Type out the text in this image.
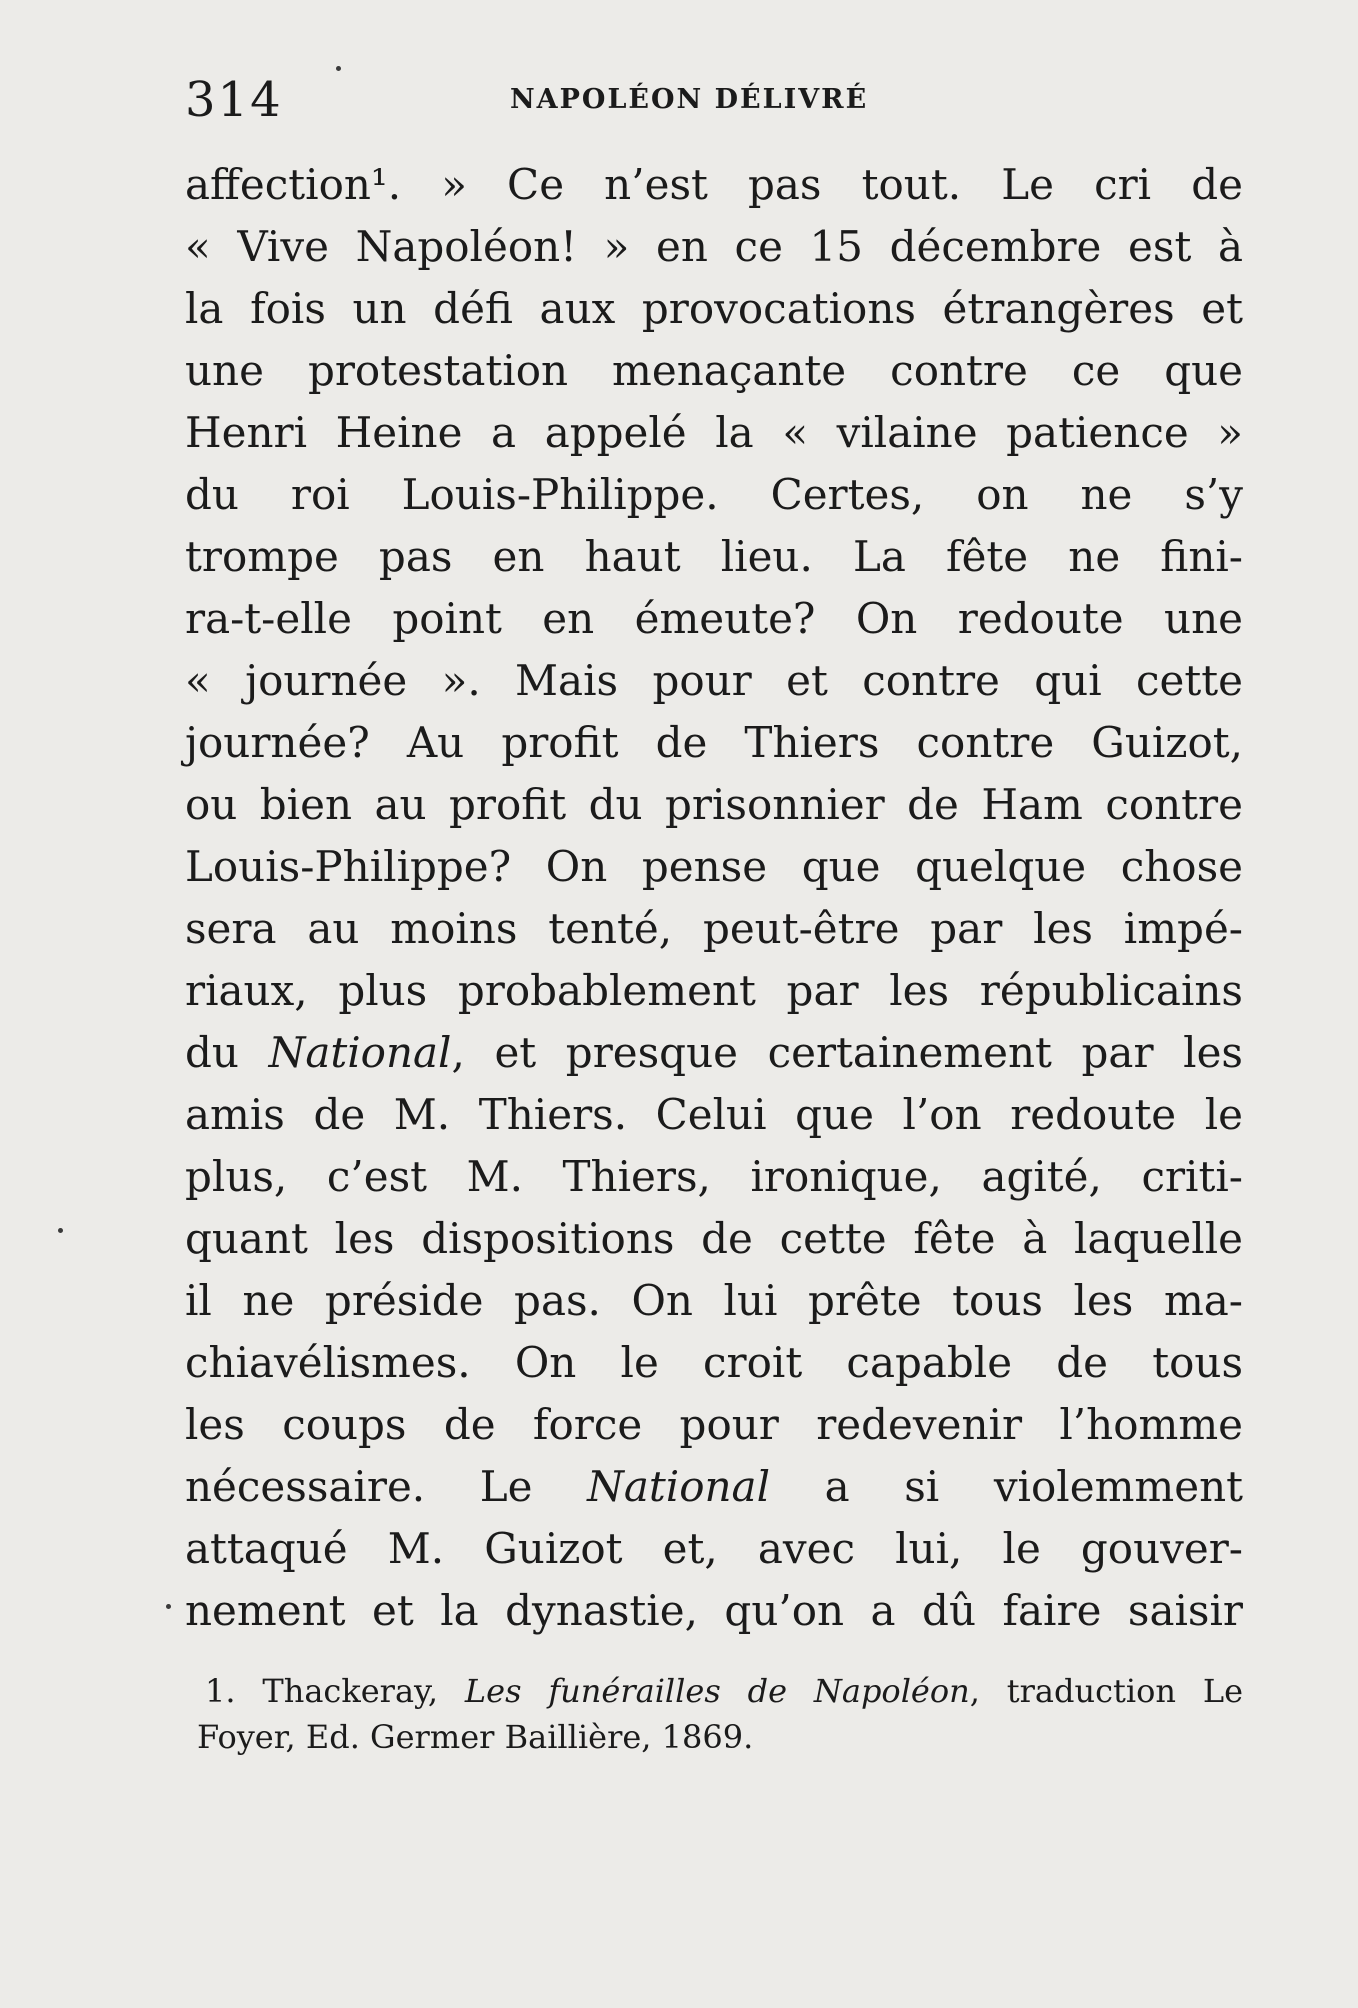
314	NAPOLÉON DÉLIVRÉ
affection¹. » Ce n’est pas tout. Le cri de
« Vive Napoléon! » en ce 15 décembre est à
la fois un défi aux provocations étrangères et
une protestation menaçante contre ce que
Henri Heine a appelé la « vilaine patience »
du roi Louis-Philippe. Certes, on ne s’y
trompe pas en haut lieu. La fête ne fini-
ra-t-elle point en émeute? On redoute une
« journée ». Mais pour et contre qui cette
journée? Au profit de Thiers contre Guizot,
ou bien au profit du prisonnier de Ham contre
Louis-Philippe? On pense que quelque chose
sera au moins tenté, peut-être par les impé-
riaux, plus probablement par les républicains
du National, et presque certainement par les
amis de M. Thiers. Celui que l’on redoute le
plus, c’est M. Thiers, ironique, agité, criti-
quant les dispositions de cette fête à laquelle
il ne préside pas. On lui prête tous les ma-
chiavélismes. On le croit capable de tous
les coups de force pour redevenir l’homme
nécessaire. Le National a si violemment
attaqué M. Guizot et, avec lui, le gouver-
nement et la dynastie, qu’on a dû faire saisir
1. Thackeray, Les funérailles de Napoléon, traduction Le
Foyer, Ed. Germer Baillière, 1869.
